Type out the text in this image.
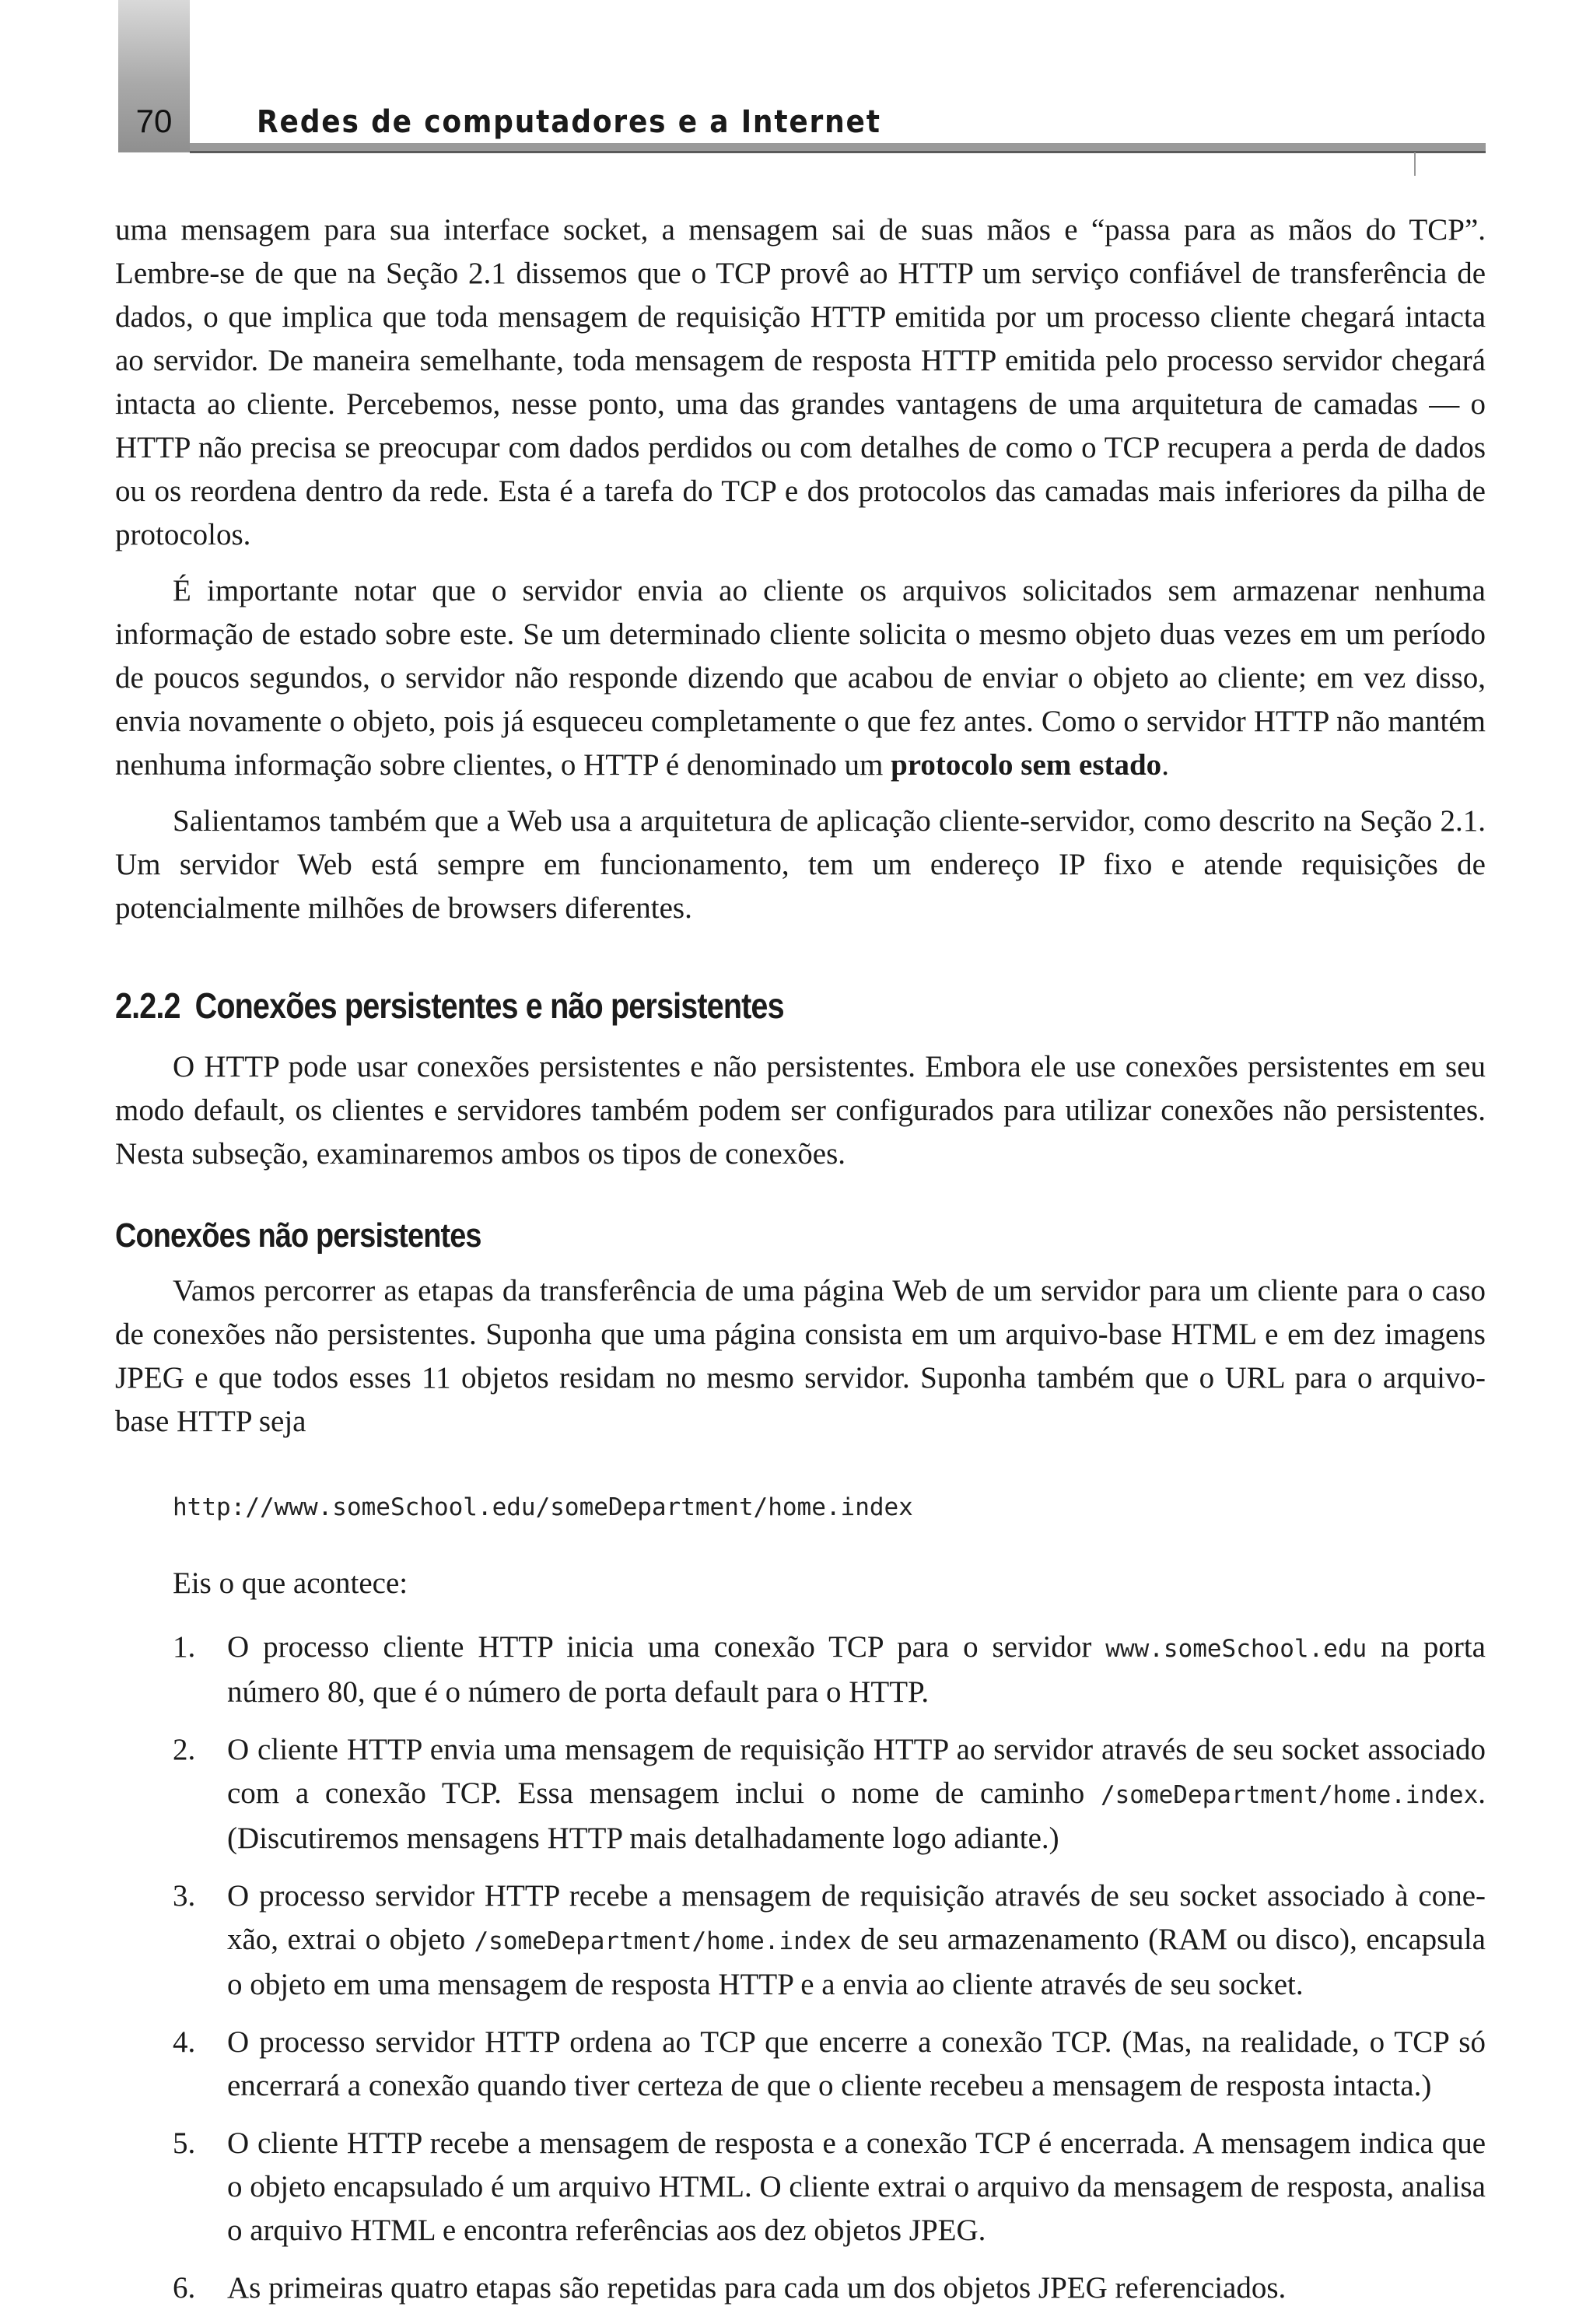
70	Redes de computadores e a Internet

uma mensagem para sua interface socket, a mensagem sai de suas mãos e “passa para as mãos do TCP”. Lembre-se de que na Seção 2.1 dissemos que o TCP provê ao HTTP um serviço confiável de transferência de dados, o que implica que toda mensagem de requisição HTTP emitida por um processo cliente chegará intacta ao servidor. De maneira semelhante, toda mensagem de resposta HTTP emitida pelo processo servidor chegará intacta ao cliente. Percebemos, nesse ponto, uma das grandes vantagens de uma arquitetura de camadas — o HTTP não precisa se preocupar com dados perdidos ou com detalhes de como o TCP recupera a perda de dados ou os reordena dentro da rede. Esta é a tarefa do TCP e dos protocolos das camadas mais inferiores da pilha de protocolos.

É importante notar que o servidor envia ao cliente os arquivos solicitados sem armazenar nenhuma informação de estado sobre este. Se um determinado cliente solicita o mesmo objeto duas vezes em um período de poucos segundos, o servidor não responde dizendo que acabou de enviar o objeto ao cliente; em vez disso, envia novamente o objeto, pois já esqueceu completamente o que fez antes. Como o servidor HTTP não mantém nenhuma informação sobre clientes, o HTTP é denominado um protocolo sem estado.

Salientamos também que a Web usa a arquitetura de aplicação cliente-servidor, como descrito na Seção 2.1. Um servidor Web está sempre em funcionamento, tem um endereço IP fixo e atende requisições de potencialmente milhões de browsers diferentes.

2.2.2 Conexões persistentes e não persistentes

O HTTP pode usar conexões persistentes e não persistentes. Embora ele use conexões persistentes em seu modo default, os clientes e servidores também podem ser configurados para utilizar conexões não persistentes. Nesta subseção, examinaremos ambos os tipos de conexões.

Conexões não persistentes

Vamos percorrer as etapas da transferência de uma página Web de um servidor para um cliente para o caso de conexões não persistentes. Suponha que uma página consista em um arquivo-base HTML e em dez imagens JPEG e que todos esses 11 objetos residam no mesmo servidor. Suponha também que o URL para o arquivo-base HTTP seja

http://www.someSchool.edu/someDepartment/home.index
Eis o que acontece:
1. O processo cliente HTTP inicia uma conexão TCP para o servidor www.someSchool.edu na porta número 80, que é o número de porta default para o HTTP.
2. O cliente HTTP envia uma mensagem de requisição HTTP ao servidor através de seu socket associado com a conexão TCP. Essa mensagem inclui o nome de caminho /someDepartment/home.index. (Discutiremos mensagens HTTP mais detalhadamente logo adiante.)
3. O processo servidor HTTP recebe a mensagem de requisição através de seu socket associado à conexão, extrai o objeto /someDepartment/home.index de seu armazenamento (RAM ou disco), encapsula o objeto em uma mensagem de resposta HTTP e a envia ao cliente através de seu socket.
4. O processo servidor HTTP ordena ao TCP que encerre a conexão TCP. (Mas, na realidade, o TCP só encerrará a conexão quando tiver certeza de que o cliente recebeu a mensagem de resposta intacta.)
5. O cliente HTTP recebe a mensagem de resposta e a conexão TCP é encerrada. A mensagem indica que o objeto encapsulado é um arquivo HTML. O cliente extrai o arquivo da mensagem de resposta, analisa o arquivo HTML e encontra referências aos dez objetos JPEG.
6. As primeiras quatro etapas são repetidas para cada um dos objetos JPEG referenciados.
